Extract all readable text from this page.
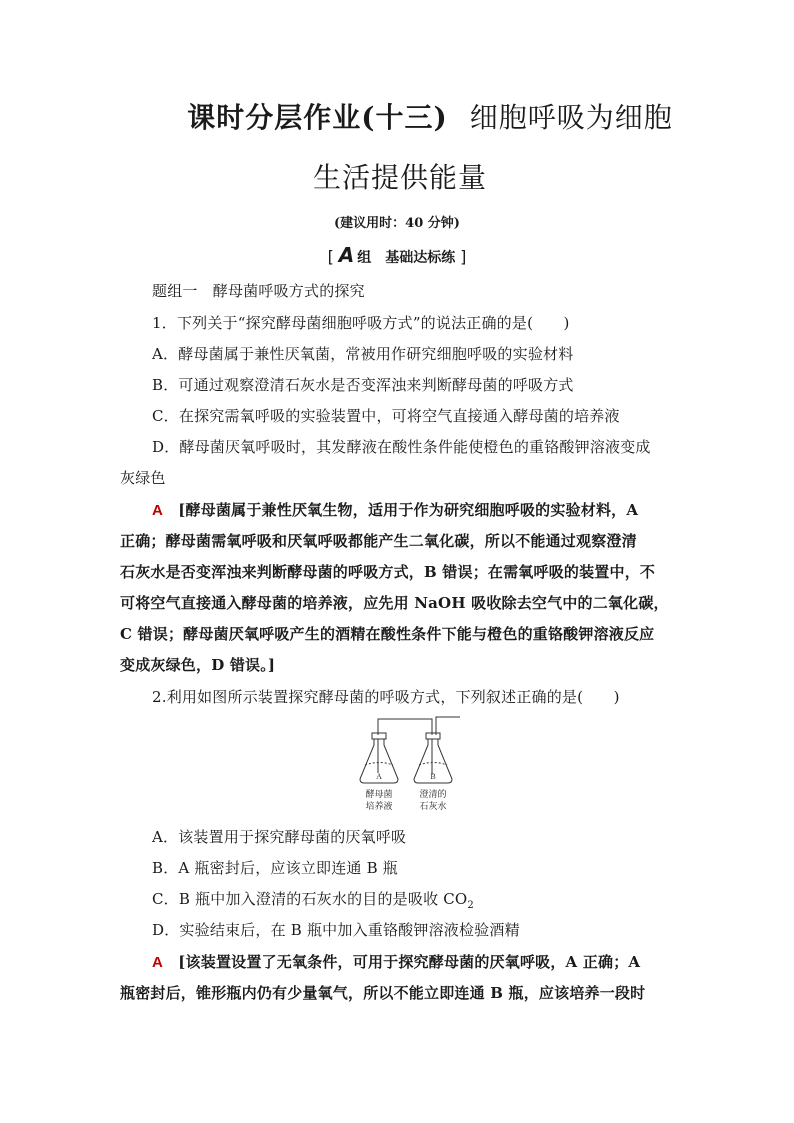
课时分层作业(十三) 细胞呼吸为细胞
生活提供能量
(建议用时：40 分钟)
[ A 组　基础达标练 ]
题组一　酵母菌呼吸方式的探究
1．下列关于“探究酵母菌细胞呼吸方式”的说法正确的是(　　)
A．酵母菌属于兼性厌氧菌，常被用作研究细胞呼吸的实验材料
B．可通过观察澄清石灰水是否变浑浊来判断酵母菌的呼吸方式
C．在探究需氧呼吸的实验装置中，可将空气直接通入酵母菌的培养液
D．酵母菌厌氧呼吸时，其发酵液在酸性条件能使橙色的重铬酸钾溶液变成
灰绿色
A　 [酵母菌属于兼性厌氧生物，适用于作为研究细胞呼吸的实验材料，A
正确；酵母菌需氧呼吸和厌氧呼吸都能产生二氧化碳，所以不能通过观察澄清
石灰水是否变浑浊来判断酵母菌的呼吸方式，B 错误；在需氧呼吸的装置中，不
可将空气直接通入酵母菌的培养液，应先用 NaOH 吸收除去空气中的二氧化碳，
C 错误；酵母菌厌氧呼吸产生的酒精在酸性条件下能与橙色的重铬酸钾溶液反应
变成灰绿色，D 错误。]
2.利用如图所示装置探究酵母菌的呼吸方式，下列叙述正确的是(　　)
A	B
酵母菌
培养液
澄清的
石灰水
A．该装置用于探究酵母菌的厌氧呼吸
B．A 瓶密封后，应该立即连通 B 瓶
C．B 瓶中加入澄清的石灰水的目的是吸收 $CO_2$
D．实验结束后，在 B 瓶中加入重铬酸钾溶液检验酒精
A　 [该装置设置了无氧条件，可用于探究酵母菌的厌氧呼吸，A 正确；A
瓶密封后，锥形瓶内仍有少量氧气，所以不能立即连通 B 瓶，应该培养一段时
